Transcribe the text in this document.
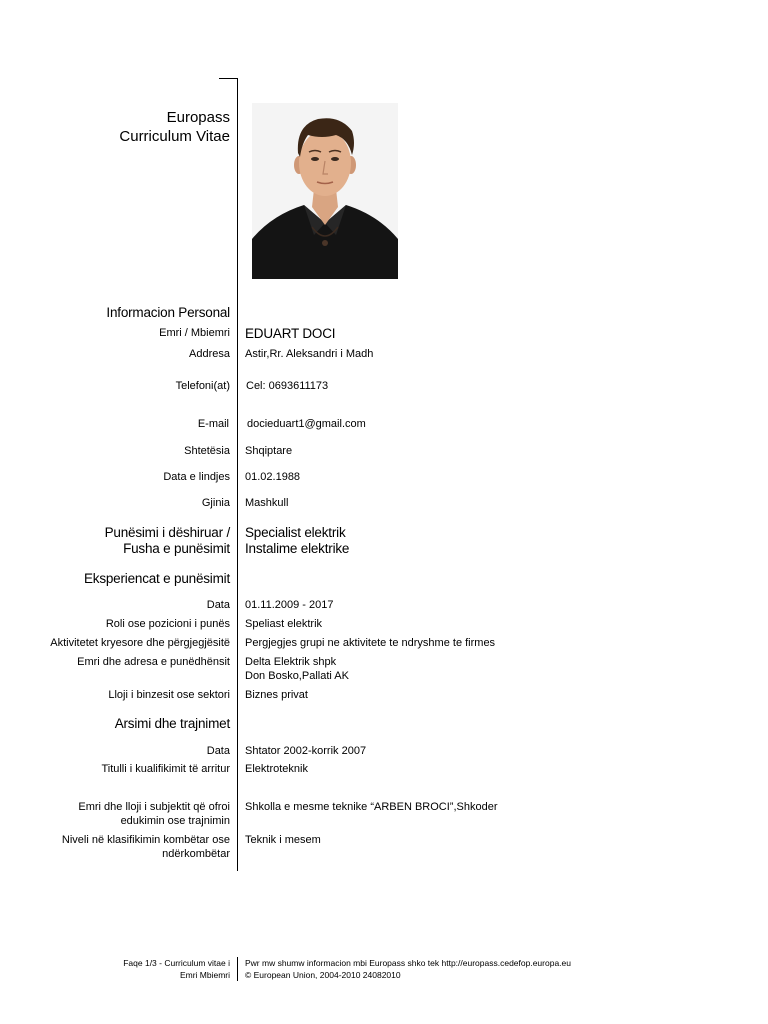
Europass
Curriculum Vitae
Informacion Personal
Emri / Mbiemri EDUART DOCI
Addresa Astir,Rr. Aleksandri i Madh
Telefoni(at) Cel: 0693611173
E-mail docieduart1@gmail.com
Shtetësia Shqiptare
Data e lindjes 01.02.1988
Gjinia Mashkull
Punësimi i dëshiruar /
Fusha e punësimit
Specialist elektrik
Instalime elektrike
Eksperiencat e punësimit
Data 01.11.2009 - 2017
Roli ose pozicioni i punës Speliast elektrik
Aktivitetet kryesore dhe përgjegjësitë Pergjegjes grupi ne aktivitete te ndryshme te firmes
Emri dhe adresa e punëdhënsit Delta Elektrik shpk
Don Bosko,Pallati AK
Lloji i binzesit ose sektori Biznes privat
Arsimi dhe trajnimet
Data Shtator 2002-korrik 2007
Titulli i kualifikimit të arritur Elektroteknik
Emri dhe lloji i subjektit që ofroi
edukimin ose trajnimin
Shkolla e mesme teknike “ARBEN BROCI”,Shkoder
Niveli në klasifikimin kombëtar ose
ndërkombëtar
Teknik i mesem
Faqe 1/3 - Curriculum vitae i
Emri Mbiemri
Pwr mw shumw informacion mbi Europass shko tek http://europass.cedefop.europa.eu
© European Union, 2004-2010 24082010
